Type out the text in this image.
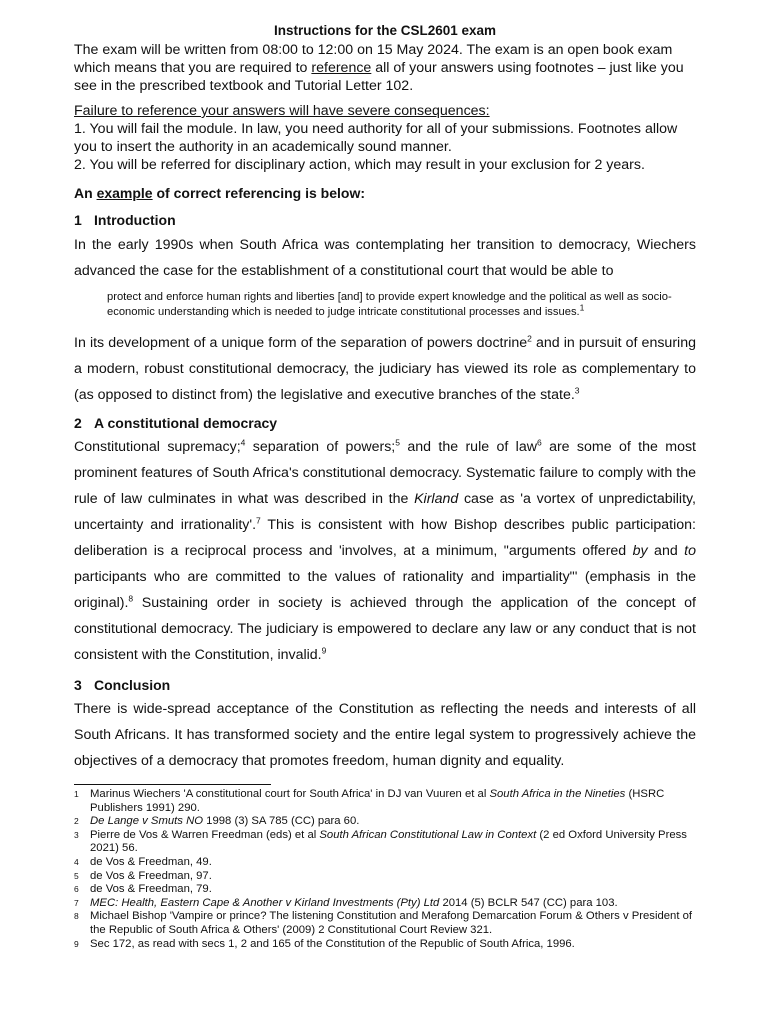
Instructions for the CSL2601 exam

The exam will be written from 08:00 to 12:00 on 15 May 2024. The exam is an open book exam which means that you are required to reference all of your answers using footnotes – just like you see in the prescribed textbook and Tutorial Letter 102.

Failure to reference your answers will have severe consequences:

1. You will fail the module. In law, you need authority for all of your submissions. Footnotes allow you to insert the authority in an academically sound manner.

2. You will be referred for disciplinary action, which may result in your exclusion for 2 years.

An example of correct referencing is below:

1 Introduction

In the early 1990s when South Africa was contemplating her transition to democracy, Wiechers advanced the case for the establishment of a constitutional court that would be able to

protect and enforce human rights and liberties [and] to provide expert knowledge and the political as well as socio-economic understanding which is needed to judge intricate constitutional processes and issues.$^1$

In its development of a unique form of the separation of powers doctrine$^2$ and in pursuit of ensuring a modern, robust constitutional democracy, the judiciary has viewed its role as complementary to (as opposed to distinct from) the legislative and executive branches of the state.$^3$

2 A constitutional democracy

Constitutional supremacy;$^4$ separation of powers;$^5$ and the rule of law$^6$ are some of the most prominent features of South Africa's constitutional democracy. Systematic failure to comply with the rule of law culminates in what was described in the Kirland case as 'a vortex of unpredictability, uncertainty and irrationality'.$^7$ This is consistent with how Bishop describes public participation: deliberation is a reciprocal process and 'involves, at a minimum, "arguments offered by and to participants who are committed to the values of rationality and impartiality"' (emphasis in the original).$^8$ Sustaining order in society is achieved through the application of the concept of constitutional democracy. The judiciary is empowered to declare any law or any conduct that is not consistent with the Constitution, invalid.$^9$

3 Conclusion

There is wide-spread acceptance of the Constitution as reflecting the needs and interests of all South Africans. It has transformed society and the entire legal system to progressively achieve the objectives of a democracy that promotes freedom, human dignity and equality.

1 Marinus Wiechers 'A constitutional court for South Africa' in DJ van Vuuren et al South Africa in the Nineties (HSRC Publishers 1991) 290.
2 De Lange v Smuts NO 1998 (3) SA 785 (CC) para 60.
3 Pierre de Vos & Warren Freedman (eds) et al South African Constitutional Law in Context (2 ed Oxford University Press 2021) 56.
4 de Vos & Freedman, 49.
5 de Vos & Freedman, 97.
6 de Vos & Freedman, 79.
7 MEC: Health, Eastern Cape & Another v Kirland Investments (Pty) Ltd 2014 (5) BCLR 547 (CC) para 103.
8 Michael Bishop 'Vampire or prince? The listening Constitution and Merafong Demarcation Forum & Others v President of the Republic of South Africa & Others' (2009) 2 Constitutional Court Review 321.
9 Sec 172, as read with secs 1, 2 and 165 of the Constitution of the Republic of South Africa, 1996.
